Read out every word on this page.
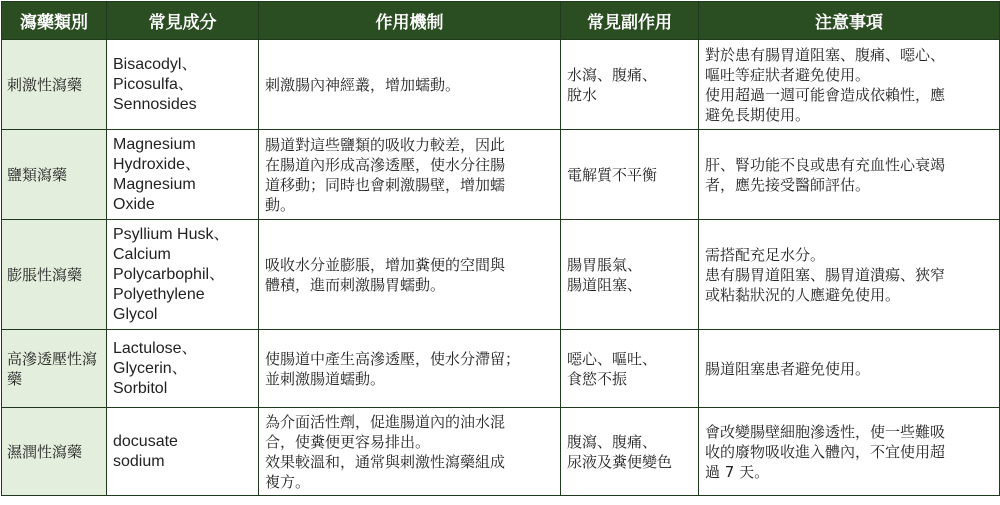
瀉藥類別	常見成分	作用機制	常見副作用	注意事項
刺激性瀉藥	Bisacodyl、
Picosulfa、
Sennosides	刺激腸內神經叢，增加蠕動。	水瀉、腹痛、
脫水	對於患有腸胃道阻塞、腹痛、噁心、
嘔吐等症狀者避免使用。
使用超過一週可能會造成依賴性，應
避免長期使用。

鹽類瀉藥	Magnesium
Hydroxide、
Magnesium
Oxide	腸道對這些鹽類的吸收力較差，因此
在腸道內形成高滲透壓，使水分往腸
道移動；同時也會刺激腸壁，增加蠕
動。	電解質不平衡	肝、腎功能不良或患有充血性心衰竭
者，應先接受醫師評估。

膨脹性瀉藥	Psyllium Husk、
Calcium
Polycarbophil、
Polyethylene
Glycol	吸收水分並膨脹，增加糞便的空間與
體積，進而刺激腸胃蠕動。	腸胃脹氣、
腸道阻塞、	需搭配充足水分。
患有腸胃道阻塞、腸胃道潰瘍、狹窄
或粘黏狀況的人應避免使用。

高滲透壓性瀉藥	Lactulose、
Glycerin、
Sorbitol	使腸道中產生高滲透壓，使水分滯留；
並刺激腸道蠕動。	噁心、嘔吐、
食慾不振	腸道阻塞患者避免使用。

濕潤性瀉藥	docusate
sodium	為介面活性劑，促進腸道內的油水混
合，使糞便更容易排出。
效果較溫和，通常與刺激性瀉藥組成
複方。	腹瀉、腹痛、
尿液及糞便變色	會改變腸壁細胞滲透性，使一些難吸
收的廢物吸收進入體內，不宜使用超
過 7 天。
